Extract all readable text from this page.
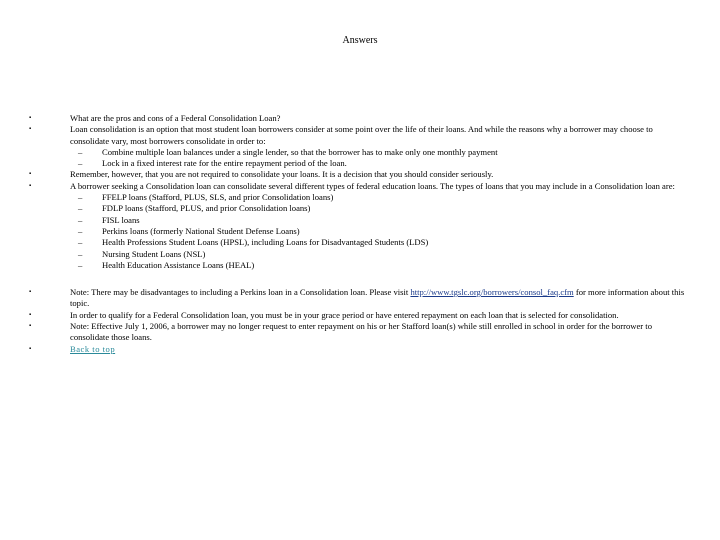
Answers
▪	What are the pros and cons of a Federal Consolidation Loan?
▪	Loan consolidation is an option that most student loan borrowers consider at some point over the life of their loans. And while the reasons why a borrower may choose to consolidate vary, most borrowers consolidate in order to:
–	Combine multiple loan balances under a single lender, so that the borrower has to make only one monthly payment
–	Lock in a fixed interest rate for the entire repayment period of the loan.
▪	Remember, however, that you are not required to consolidate your loans. It is a decision that you should consider seriously.
▪	A borrower seeking a Consolidation loan can consolidate several different types of federal education loans. The types of loans that you may include in a Consolidation loan are:
–	FFELP loans (Stafford, PLUS, SLS, and prior Consolidation loans)
–	FDLP loans (Stafford, PLUS, and prior Consolidation loans)
–	FISL loans
–	Perkins loans (formerly National Student Defense Loans)
–	Health Professions Student Loans (HPSL), including Loans for Disadvantaged Students (LDS)
–	Nursing Student Loans (NSL)
–	Health Education Assistance Loans (HEAL)
▪	Note: There may be disadvantages to including a Perkins loan in a Consolidation loan. Please visit http://www.tgslc.org/borrowers/consol_faq.cfm for more information about this topic.
▪	In order to qualify for a Federal Consolidation loan, you must be in your grace period or have entered repayment on each loan that is selected for consolidation.
▪	Note: Effective July 1, 2006, a borrower may no longer request to enter repayment on his or her Stafford loan(s) while still enrolled in school in order for the borrower to consolidate those loans.
▪	Back to top
